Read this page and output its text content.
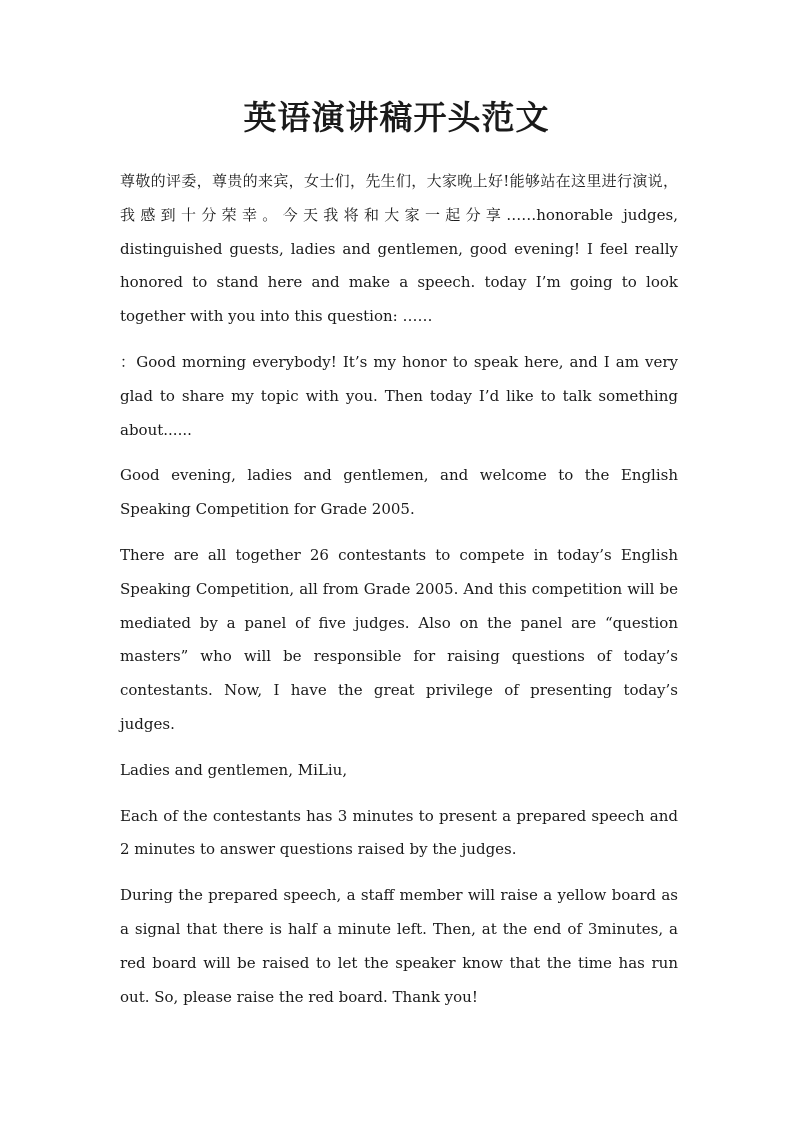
英语演讲稿开头范文

尊敬的评委，尊贵的来宾，女士们，先生们，大家晚上好!能够站在这里进行演说，我感到十分荣幸。今天我将和大家一起分享……honorable judges, distinguished guests, ladies and gentlemen, good evening! I feel really honored to stand here and make a speech. today I’m going to look together with you into this question: ……

：Good morning everybody! It’s my honor to speak here, and I am very glad to share my topic with you. Then today I’d like to talk something about......

Good evening, ladies and gentlemen, and welcome to the English Speaking Competition for Grade 2005.

There are all together 26 contestants to compete in today’s English Speaking Competition, all from Grade 2005. And this competition will be mediated by a panel of five judges. Also on the panel are “question masters” who will be responsible for raising questions of today’s contestants. Now, I have the great privilege of presenting today’s judges.

Ladies and gentlemen, MiLiu,

Each of the contestants has 3 minutes to present a prepared speech and 2 minutes to answer questions raised by the judges.

During the prepared speech, a staff member will raise a yellow board as a signal that there is half a minute left. Then, at the end of 3minutes, a red board will be raised to let the speaker know that the time has run out. So, please raise the red board. Thank you!
